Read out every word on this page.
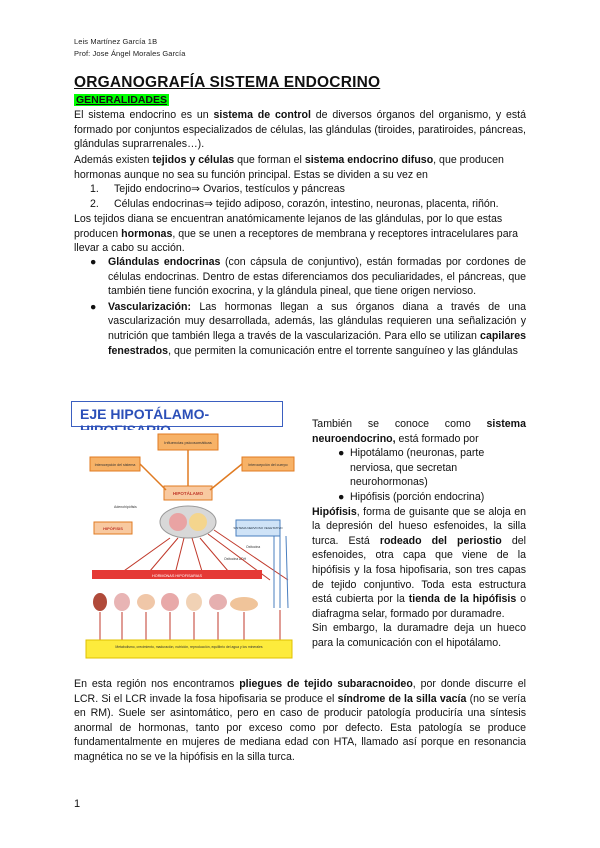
Leis Martínez García 1B
Prof: Jose Ángel Morales García
ORGANOGRAFÍA SISTEMA ENDOCRINO
GENERALIDADES
El sistema endocrino es un sistema de control de diversos órganos del organismo, y está formado por conjuntos especializados de células, las glándulas (tiroides, paratiroides, páncreas, glándulas suprarrenales…).
Además existen tejidos y células que forman el sistema endocrino difuso, que producen hormonas aunque no sea su función principal. Estas se dividen a su vez en
1. Tejido endocrino⇒ Ovarios, testículos y páncreas
2. Células endocrinas⇒ tejido adiposo, corazón, intestino, neuronas, placenta, riñón.
Los tejidos diana se encuentran anatómicamente lejanos de las glándulas, por lo que estas producen hormonas, que se unen a receptores de membrana y receptores intracelulares para llevar a cabo su acción.
● Glándulas endocrinas (con cápsula de conjuntivo), están formadas por cordones de células endocrinas. Dentro de estas diferenciamos dos peculiaridades, el páncreas, que también tiene función exocrina, y la glándula pineal, que tiene origen nervioso.
● Vascularización: Las hormonas llegan a sus órganos diana a través de una vascularización muy desarrollada, además, las glándulas requieren una señalización y nutrición que también llega a través de la vascularización. Para ello se utilizan capilares fenestrados, que permiten la comunicación entre el torrente sanguíneo y las glándulas
EJE HIPOTÁLAMO-
Influencias psicosomáticas
Interocepción del sistema	Interocepción del cuerpo
HIPOTÁLAMO
Adenohipófisis
HIPÓFISIS	SISTEMA NERVIOSO VEGETATIVO
Oxitocina
Oxitocina ADH
HORMONAS HIPOFISARIAS
Metabolismo, crecimiento, maduración, nutrición, reproducción, equilibrio del agua y los minerales
También se conoce como sistema neuroendocrino, está formado por
● Hipotálamo (neuronas, parte nerviosa, que secretan neurohormonas)
● Hipófisis (porción endocrina)
Hipófisis, forma de guisante que se aloja en la depresión del hueso esfenoides, la silla turca. Está rodeado del periostio del esfenoides, otra capa que viene de la hipófisis y la fosa hipofisaria, son tres capas de tejido conjuntivo. Toda esta estructura está cubierta por la tienda de la hipófisis o diafragma selar, formado por duramadre.
Sin embargo, la duramadre deja un hueco para la comunicación con el hipotálamo.
En esta región nos encontramos pliegues de tejido subaracnoideo, por donde discurre el LCR. Si el LCR invade la fosa hipofisaria se produce el síndrome de la silla vacía (no se vería en RM). Suele ser asintomático, pero en caso de producir patología produciría una síntesis anormal de hormonas, tanto por exceso como por defecto. Esta patología se produce fundamentalmente en mujeres de mediana edad con HTA, llamado así porque en resonancia magnética no se ve la hipófisis en la silla turca.
1
